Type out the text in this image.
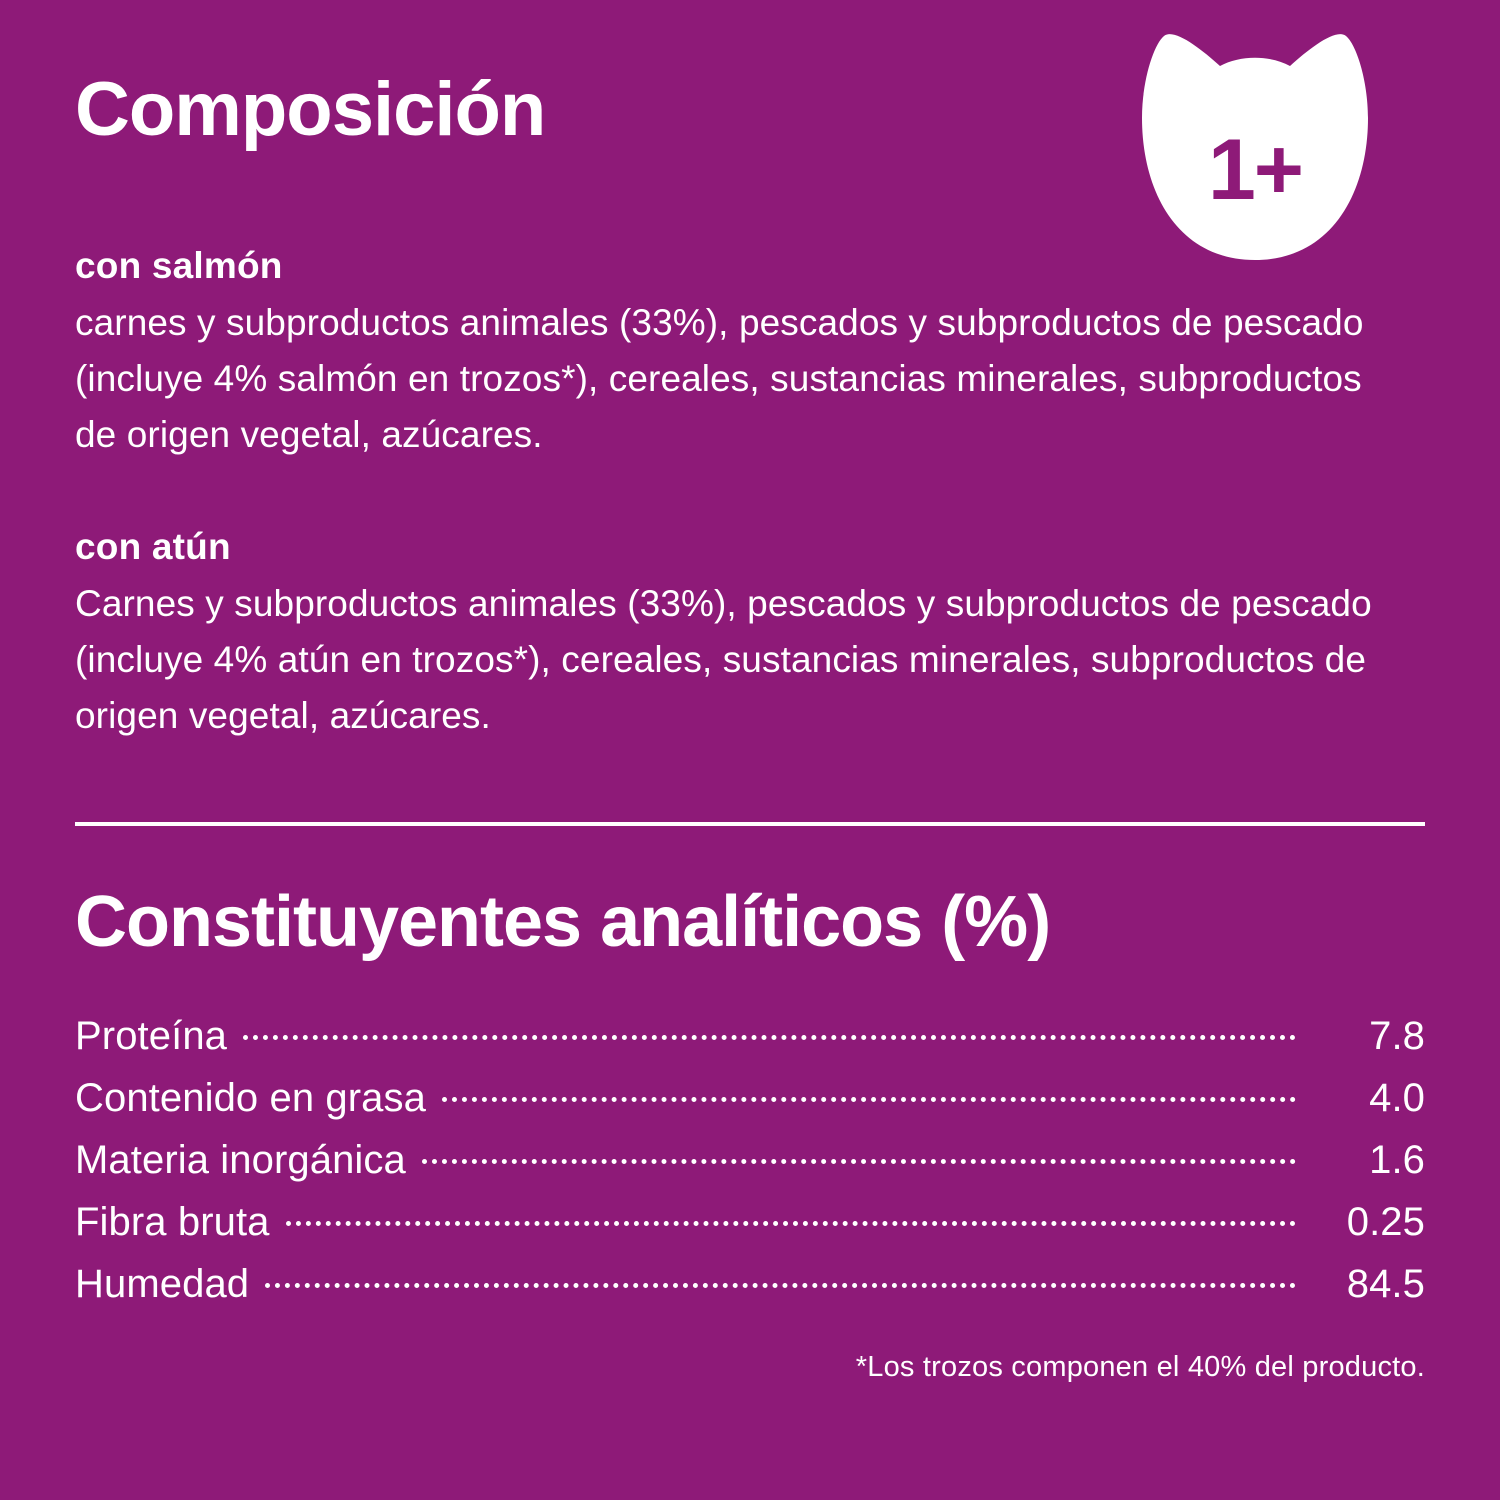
1+
Composición
con salmón

carnes y subproductos animales (33%), pescados y subproductos de pescado (incluye 4% salmón en trozos*), cereales, sustancias minerales, subproductos de origen vegetal, azúcares.

con atún

Carnes y subproductos animales (33%), pescados y subproductos de pescado (incluye 4% atún en trozos*), cereales, sustancias minerales, subproductos de origen vegetal, azúcares.

Constituyentes analíticos (%)
Proteína	7.8
Contenido en grasa	4.0
Materia inorgánica	1.6
Fibra bruta	0.25
Humedad	84.5
*Los trozos componen el 40% del producto.
